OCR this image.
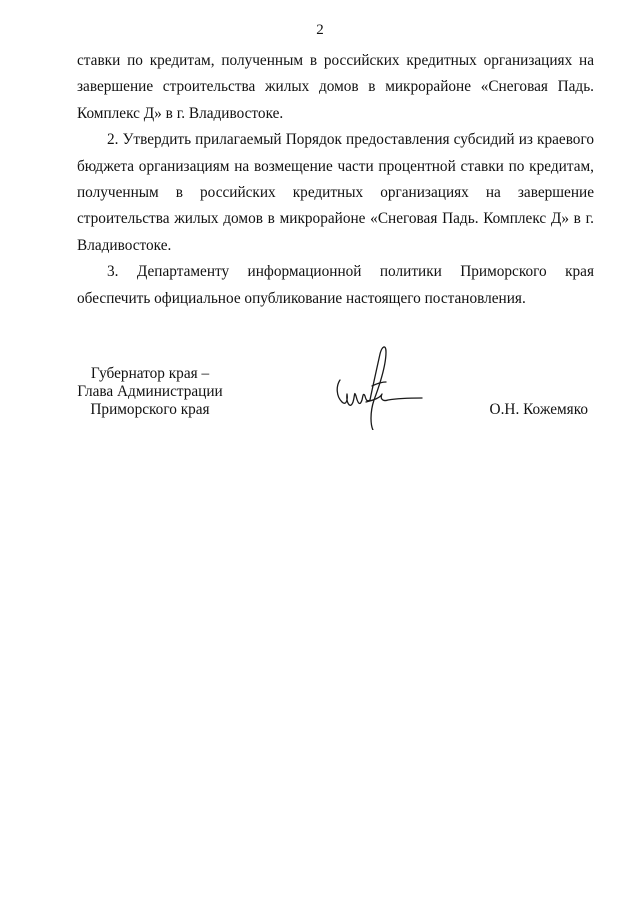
2

ставки по кредитам, полученным в российских кредитных организациях на завершение строительства жилых домов в микрорайоне «Снеговая Падь. Комплекс Д» в г. Владивостоке.

2. Утвердить прилагаемый Порядок предоставления субсидий из краевого бюджета организациям на возмещение части процентной ставки по кредитам, полученным в российских кредитных организациях на завершение строительства жилых домов в микрорайоне «Снеговая Падь. Комплекс Д» в г. Владивостоке.

3. Департаменту информационной политики Приморского края обеспечить официальное опубликование настоящего постановления.

Губернатор края –
Глава Администрации
Приморского края	О.Н. Кожемяко
